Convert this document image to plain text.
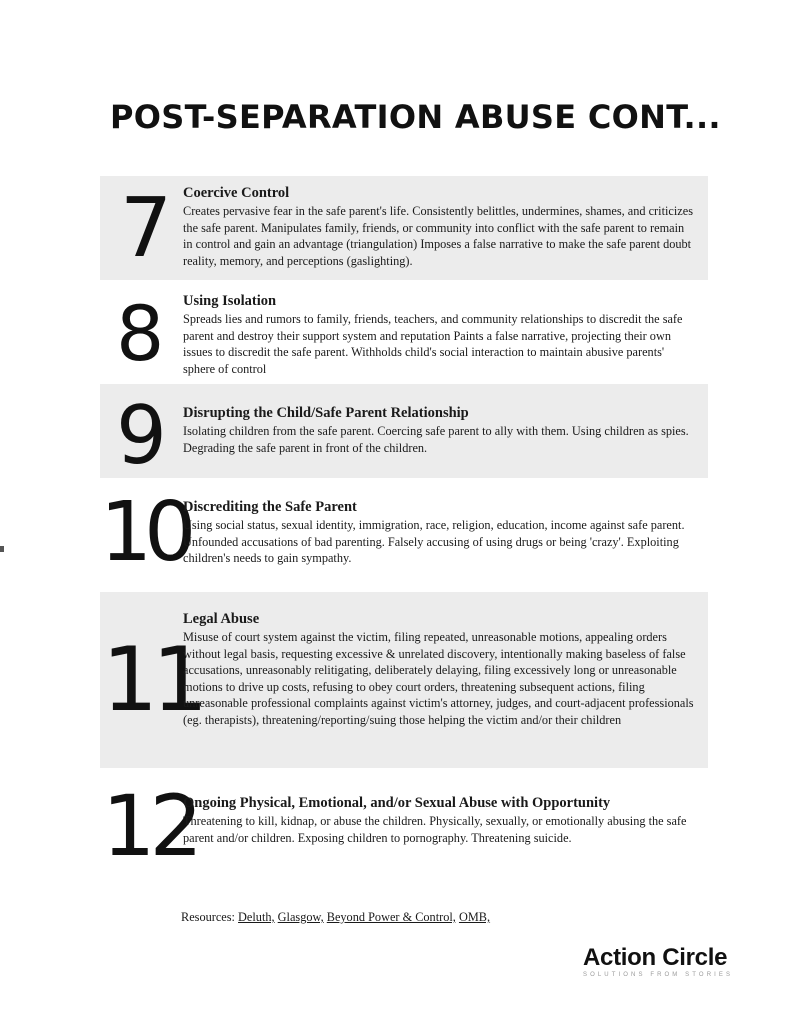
POST-SEPARATION ABUSE CONT...
7 Coercive Control

Creates pervasive fear in the safe parent's life. Consistently belittles, undermines, shames, and criticizes the safe parent. Manipulates family, friends, or community into conflict with the safe parent to remain in control and gain an advantage (triangulation) Imposes a false narrative to make the safe parent doubt reality, memory, and perceptions (gaslighting).

8 Using Isolation

Spreads lies and rumors to family, friends, teachers, and community relationships to discredit the safe parent and destroy their support system and reputation Paints a false narrative, projecting their own issues to discredit the safe parent. Withholds child's social interaction to maintain abusive parents' sphere of control

9 Disrupting the Child/Safe Parent Relationship

Isolating children from the safe parent. Coercing safe parent to ally with them. Using children as spies. Degrading the safe parent in front of the children.

10

Discrediting the Safe Parent

Using social status, sexual identity, immigration, race, religion, education, income against safe parent. Unfounded accusations of bad parenting. Falsely accusing of using drugs or being 'crazy'. Exploiting children's needs to gain sympathy.

11

Legal Abuse

Misuse of court system against the victim, filing repeated, unreasonable motions, appealing orders without legal basis, requesting excessive & unrelated discovery, intentionally making baseless of false accusations, unreasonably relitigating, deliberately delaying, filing excessively long or unreasonable motions to drive up costs, refusing to obey court orders, threatening subsequent actions, filing unreasonable professional complaints against victim's attorney, judges, and court-adjacent professionals (eg. therapists), threatening/reporting/suing those helping the victim and/or their children

12

Ongoing Physical, Emotional, and/or Sexual Abuse with Opportunity

Threatening to kill, kidnap, or abuse the children. Physically, sexually, or emotionally abusing the safe parent and/or children. Exposing children to pornography. Threatening suicide.

Resources: Deluth, Glasgow, Beyond Power & Control, OMB,
Action Circle
SOLUTIONS FROM STORIES
